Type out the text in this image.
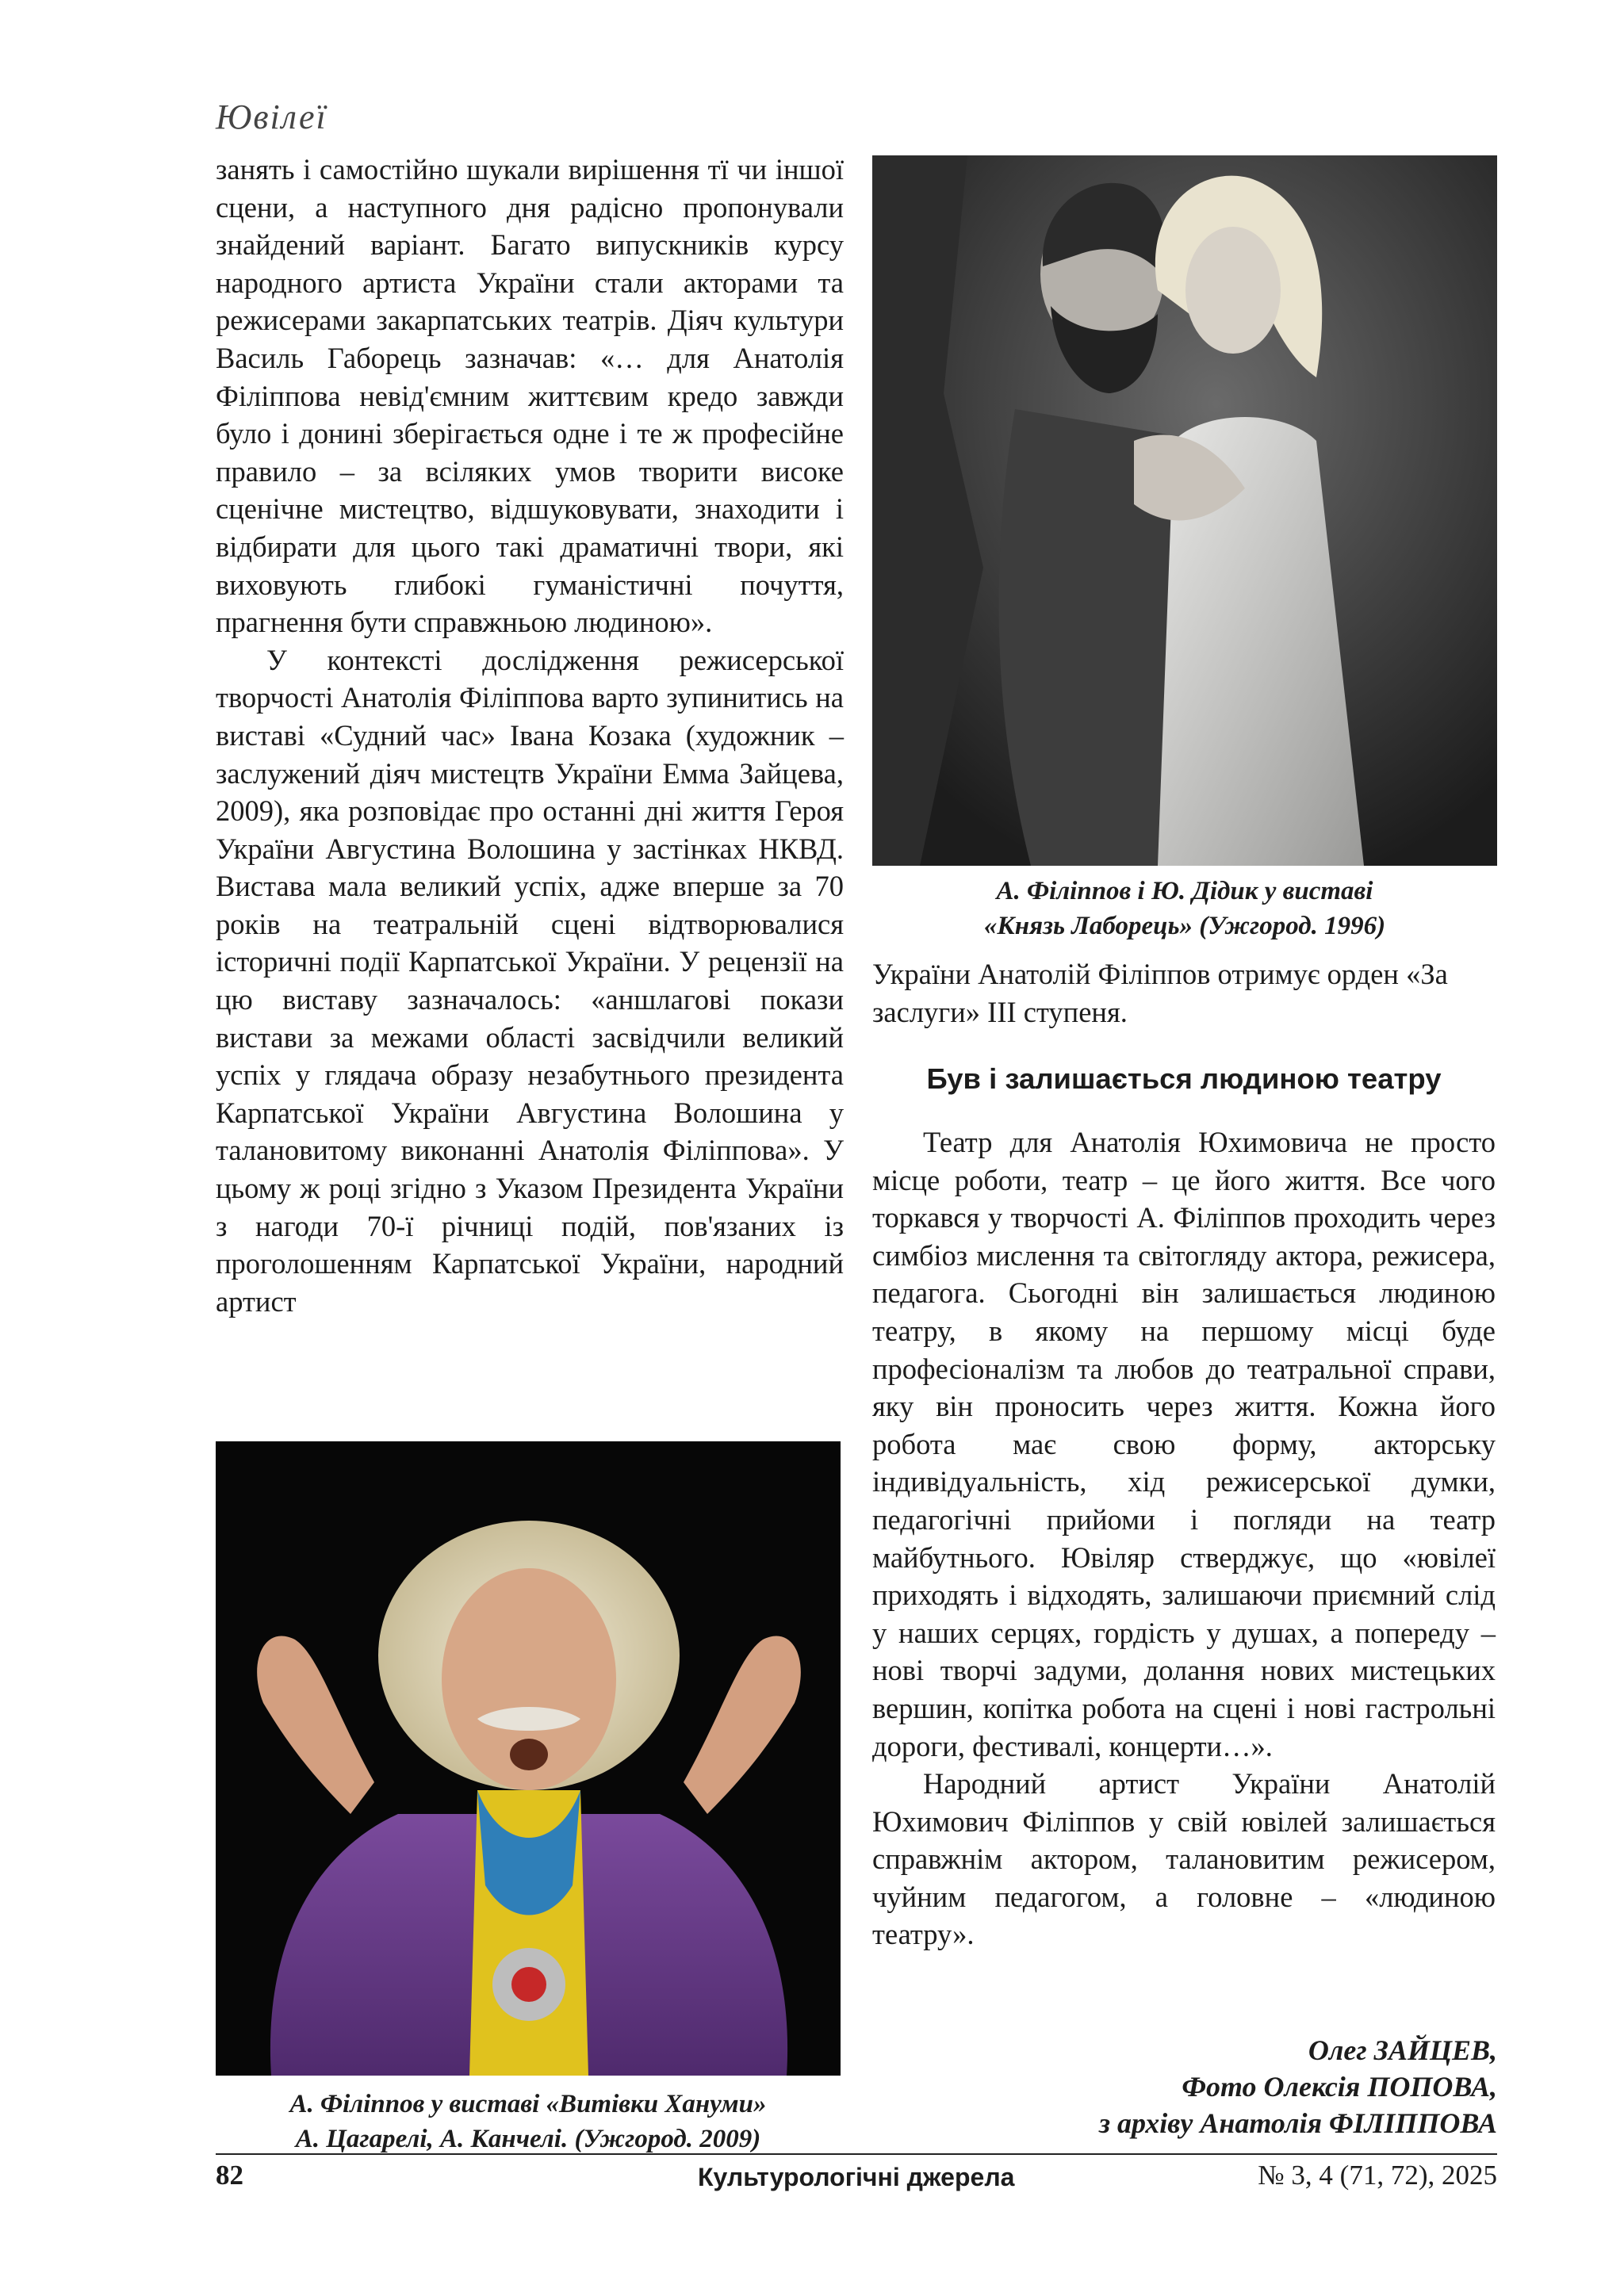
Ювілеї

занять і самостійно шукали вирішення тї чи іншої сцени, а наступного дня радісно пропонували знайдений варіант. Багато випускників курсу народного артиста України стали акторами та режисерами закарпатських театрів. Діяч культури Василь Габорець зазначав: «… для Анатолія Філіппова невід'ємним життєвим кредо завжди було і донині зберігається одне і те ж професійне правило – за всіляких умов творити високе сценічне мистецтво, відшуковувати, знаходити і відбирати для цього такі драматичні твори, які виховують глибокі гуманістичні почуття, прагнення бути справжньою людиною».

У контексті дослідження режисерської творчості Анатолія Філіппова варто зупинитись на виставі «Судний час» Івана Козака (художник – заслужений діяч мистецтв України Емма Зайцева, 2009), яка розповідає про останні дні життя Героя України Августина Волошина у застінках НКВД. Вистава мала великий успіх, адже вперше за 70 років на театральній сцені відтворювалися історичні події Карпатської України. У рецензії на цю виставу зазначалось: «аншлагові покази вистави за межами області засвідчили великий успіх у глядача образу незабутнього президента Карпатської України Августина Волошина у талановитому виконанні Анатолія Філіппова». У цьому ж році згідно з Указом Президента України з нагоди 70-ї річниці подій, пов'язаних із проголошенням Карпатської України, народний артист

А. Філіппов і Ю. Дідик у виставі
«Князь Лаборець» (Ужгород. 1996)

України Анатолій Філіппов отримує орден «За заслуги» ІІІ ступеня.

Був і залишається людиною театру

Театр для Анатолія Юхимовича не просто місце роботи, театр – це його життя. Все чого торкався у творчості А. Філіппов проходить через симбіоз мислення та світогляду актора, режисера, педагога. Сьогодні він залишається людиною театру, в якому на першому місці буде професіоналізм та любов до театральної справи, яку він проносить через життя. Кожна його робота має свою форму, акторську індивідуальність, хід режисерської думки, педагогічні прийоми і погляди на театр майбутнього. Ювіляр стверджує, що «ювілеї приходять і відходять, залишаючи приємний слід у наших серцях, гордість у душах, а попереду – нові творчі задуми, долання нових мистецьких вершин, копітка робота на сцені і нові гастрольні дороги, фестивалі, концерти…».

Народний артист України Анатолій Юхимович Філіппов у свій ювілей залишається справжнім актором, талановитим режисером, чуйним педагогом, а головне – «людиною театру».

А. Філіппов у виставі «Витівки Хануми»
А. Цагарелі, А. Канчелі. (Ужгород. 2009)
Олег ЗАЙЦЕВ,
Фото Олексія ПОПОВА,
з архіву Анатолія ФІЛІППОВА
82	Культурологічні джерела	№ 3, 4 (71, 72), 2025
